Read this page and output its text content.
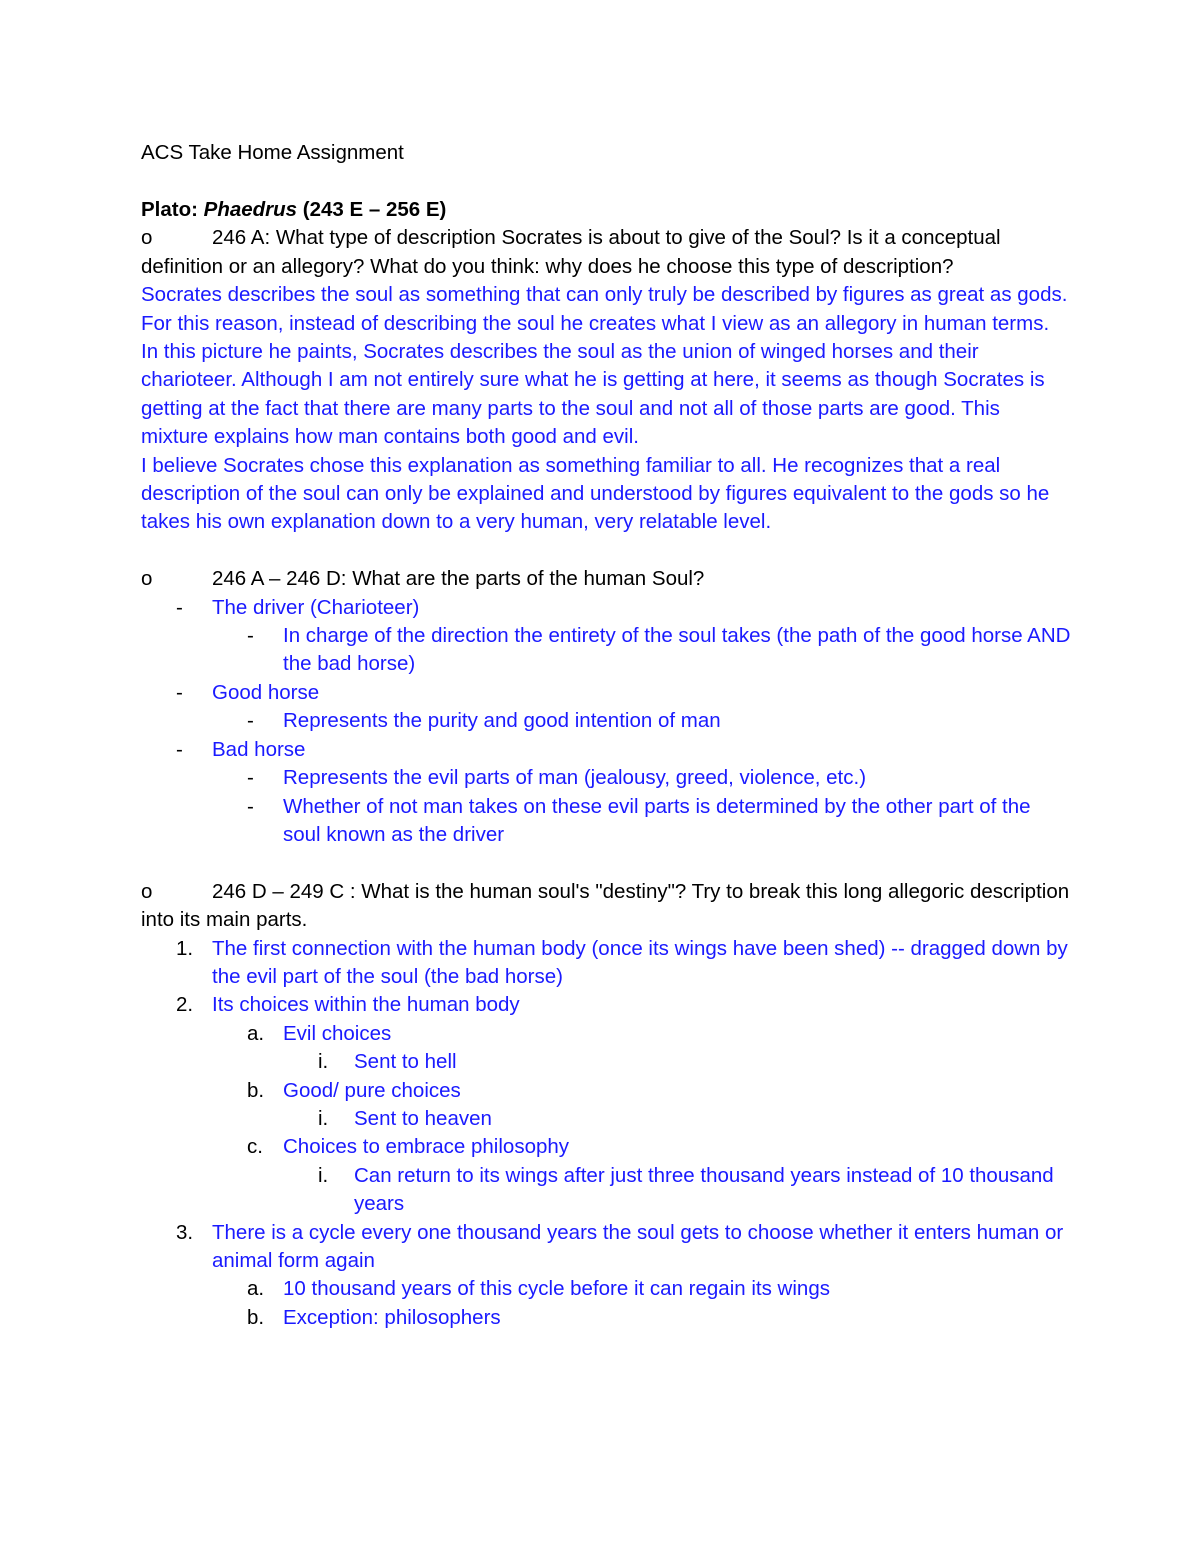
ACS Take Home Assignment

Plato: Phaedrus (243 E – 256 E)

o	246 A: What type of description Socrates is about to give of the Soul? Is it a conceptual definition or an allegory? What do you think: why does he choose this type of description?

Socrates describes the soul as something that can only truly be described by figures as great as gods. For this reason, instead of describing the soul he creates what I view as an allegory in human terms.

In this picture he paints, Socrates describes the soul as the union of winged horses and their charioteer. Although I am not entirely sure what he is getting at here, it seems as though Socrates is getting at the fact that there are many parts to the soul and not all of those parts are good. This mixture explains how man contains both good and evil.

I believe Socrates chose this explanation as something familiar to all. He recognizes that a real description of the soul can only be explained and understood by figures equivalent to the gods so he takes his own explanation down to a very human, very relatable level.

o	246 A – 246 D: What are the parts of the human Soul?

-	The driver (Charioteer)
-	In charge of the direction the entirety of the soul takes (the path of the good horse AND the bad horse)
-	Good horse
-	Represents the purity and good intention of man
-	Bad horse
-	Represents the evil parts of man (jealousy, greed, violence, etc.)
-	Whether of not man takes on these evil parts is determined by the other part of the soul known as the driver

o	246 D – 249 C : What is the human soul's "destiny"? Try to break this long allegoric description into its main parts.

1. The first connection with the human body (once its wings have been shed) -- dragged down by the evil part of the soul (the bad horse)
2. Its choices within the human body
a. Evil choices
i.	Sent to hell
b. Good/ pure choices
i.	Sent to heaven
c. Choices to embrace philosophy
i.	Can return to its wings after just three thousand years instead of 10 thousand years
3. There is a cycle every one thousand years the soul gets to choose whether it enters human or animal form again
a. 10 thousand years of this cycle before it can regain its wings
b. Exception: philosophers
